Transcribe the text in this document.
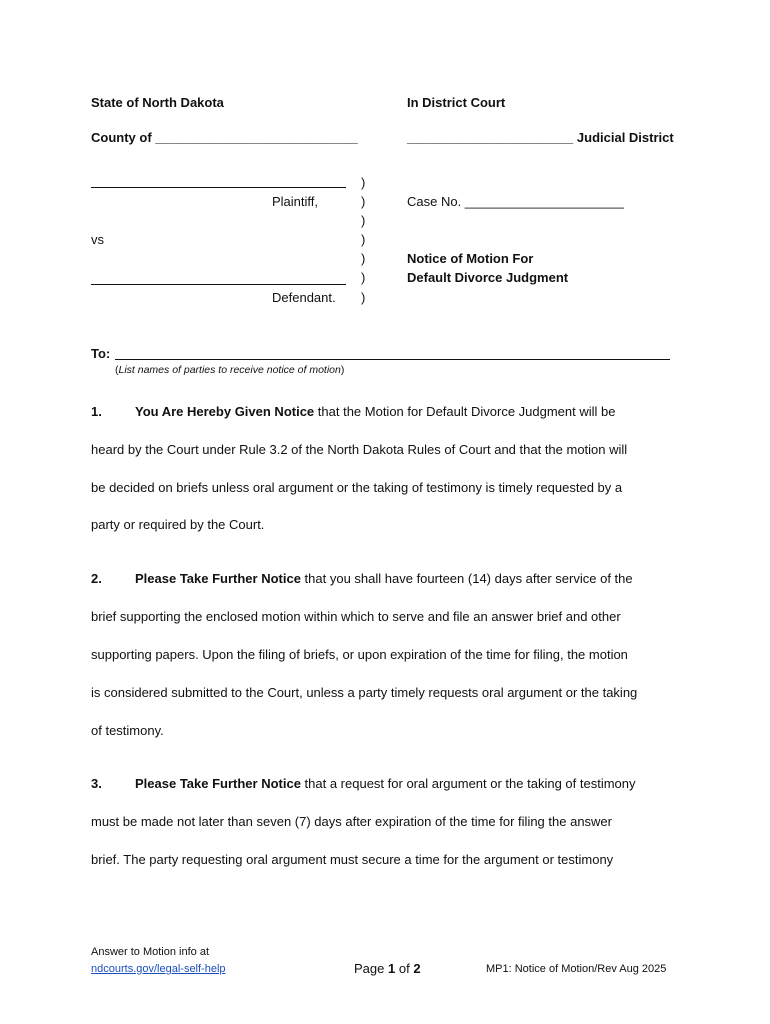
State of North Dakota	In District Court
County of ____________________________	_______________________ Judicial District
Plaintiff,
vs
Defendant.
)
)
)
)
)
)
)
Case No. ______________________
Notice of Motion For
Default Divorce Judgment
To:
(List names of parties to receive notice of motion)
1.	You Are Hereby Given Notice that the Motion for Default Divorce Judgment will be
heard by the Court under Rule 3.2 of the North Dakota Rules of Court and that the motion will
be decided on briefs unless oral argument or the taking of testimony is timely requested by a
party or required by the Court.
2.	Please Take Further Notice that you shall have fourteen (14) days after service of the
brief supporting the enclosed motion within which to serve and file an answer brief and other
supporting papers. Upon the filing of briefs, or upon expiration of the time for filing, the motion
is considered submitted to the Court, unless a party timely requests oral argument or the taking
of testimony.
3.	Please Take Further Notice that a request for oral argument or the taking of testimony
must be made not later than seven (7) days after expiration of the time for filing the answer
brief. The party requesting oral argument must secure a time for the argument or testimony
Answer to Motion info at
ndcourts.gov/legal-self-help	Page 1 of 2	MP1: Notice of Motion/Rev Aug 2025
